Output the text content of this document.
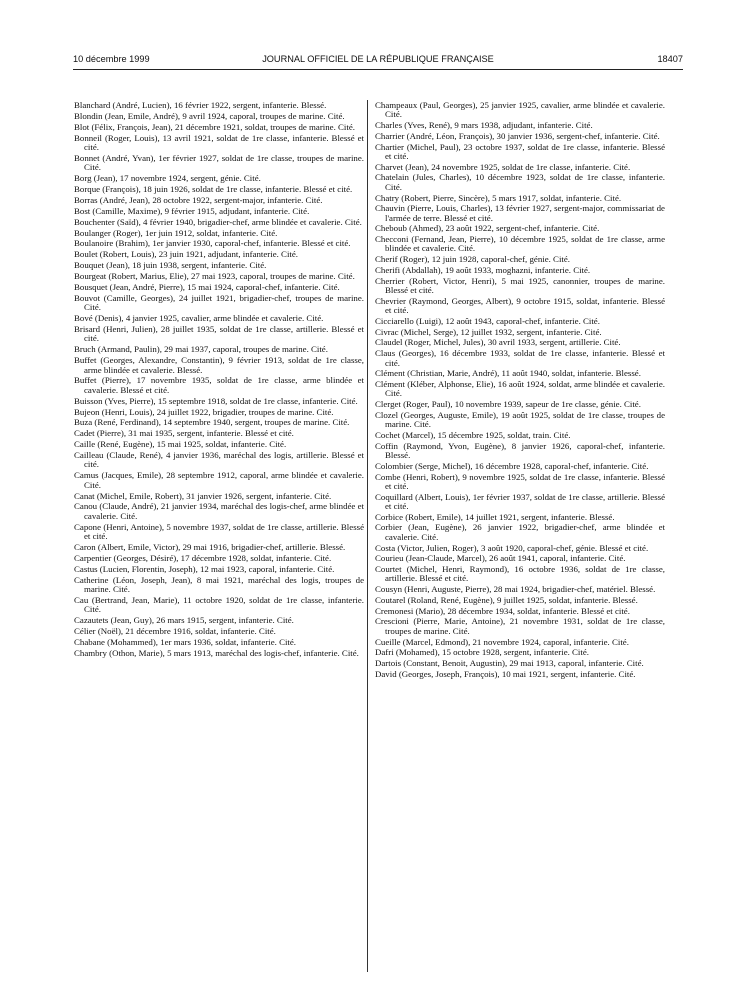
10 décembre 1999	JOURNAL OFFICIEL DE LA RÉPUBLIQUE FRANÇAISE	18407

Blanchard (André, Lucien), 16 février 1922, sergent, infanterie. Blessé.

Blondin (Jean, Emile, André), 9 avril 1924, caporal, troupes de marine. Cité.

Blot (Félix, François, Jean), 21 décembre 1921, soldat, troupes de marine. Cité.

Bonneil (Roger, Louis), 13 avril 1921, soldat de 1re classe, infanterie. Blessé et cité.

Bonnet (André, Yvan), 1er février 1927, soldat de 1re classe, troupes de marine. Cité.

Borg (Jean), 17 novembre 1924, sergent, génie. Cité.

Borque (François), 18 juin 1926, soldat de 1re classe, infanterie. Blessé et cité.

Borras (André, Jean), 28 octobre 1922, sergent-major, infanterie. Cité.

Bost (Camille, Maxime), 9 février 1915, adjudant, infanterie. Cité.

Bouchenter (Saïd), 4 février 1940, brigadier-chef, arme blindée et cavalerie. Cité.

Boulanger (Roger), 1er juin 1912, soldat, infanterie. Cité.

Boulanoire (Brahim), 1er janvier 1930, caporal-chef, infanterie. Blessé et cité.

Boulet (Robert, Louis), 23 juin 1921, adjudant, infanterie. Cité.

Bouquet (Jean), 18 juin 1938, sergent, infanterie. Cité.

Bourgeat (Robert, Marius, Elie), 27 mai 1923, caporal, troupes de marine. Cité.

Bousquet (Jean, André, Pierre), 15 mai 1924, caporal-chef, infanterie. Cité.

Bouvot (Camille, Georges), 24 juillet 1921, brigadier-chef, troupes de marine. Cité.

Bové (Denis), 4 janvier 1925, cavalier, arme blindée et cavalerie. Cité.

Brisard (Henri, Julien), 28 juillet 1935, soldat de 1re classe, artillerie. Blessé et cité.

Bruch (Armand, Paulin), 29 mai 1937, caporal, troupes de marine. Cité.

Buffet (Georges, Alexandre, Constantin), 9 février 1913, soldat de 1re classe, arme blindée et cavalerie. Blessé.

Buffet (Pierre), 17 novembre 1935, soldat de 1re classe, arme blindée et cavalerie. Blessé et cité.

Buisson (Yves, Pierre), 15 septembre 1918, soldat de 1re classe, infanterie. Cité.

Bujeon (Henri, Louis), 24 juillet 1922, brigadier, troupes de marine. Cité.

Buza (René, Ferdinand), 14 septembre 1940, sergent, troupes de marine. Cité.

Cadet (Pierre), 31 mai 1935, sergent, infanterie. Blessé et cité.

Caille (René, Eugène), 15 mai 1925, soldat, infanterie. Cité.

Cailleau (Claude, René), 4 janvier 1936, maréchal des logis, artillerie. Blessé et cité.

Camus (Jacques, Emile), 28 septembre 1912, caporal, arme blindée et cavalerie. Cité.

Canat (Michel, Emile, Robert), 31 janvier 1926, sergent, infanterie. Cité.

Canou (Claude, André), 21 janvier 1934, maréchal des logis-chef, arme blindée et cavalerie. Cité.

Capone (Henri, Antoine), 5 novembre 1937, soldat de 1re classe, artillerie. Blessé et cité.

Caron (Albert, Emile, Victor), 29 mai 1916, brigadier-chef, artillerie. Blessé.

Carpentier (Georges, Désiré), 17 décembre 1928, soldat, infanterie. Cité.

Castus (Lucien, Florentin, Joseph), 12 mai 1923, caporal, infanterie. Cité.

Catherine (Léon, Joseph, Jean), 8 mai 1921, maréchal des logis, troupes de marine. Cité.

Cau (Bertrand, Jean, Marie), 11 octobre 1920, soldat de 1re classe, infanterie. Cité.

Cazautets (Jean, Guy), 26 mars 1915, sergent, infanterie. Cité.

Célier (Noël), 21 décembre 1916, soldat, infanterie. Cité.

Chabane (Mohammed), 1er mars 1936, soldat, infanterie. Cité.

Chambry (Othon, Marie), 5 mars 1913, maréchal des logis-chef, infanterie. Cité.

Champeaux (Paul, Georges), 25 janvier 1925, cavalier, arme blindée et cavalerie. Cité.

Charles (Yves, René), 9 mars 1938, adjudant, infanterie. Cité.

Charrier (André, Léon, François), 30 janvier 1936, sergent-chef, infanterie. Cité.

Chartier (Michel, Paul), 23 octobre 1937, soldat de 1re classe, infanterie. Blessé et cité.

Charvet (Jean), 24 novembre 1925, soldat de 1re classe, infanterie. Cité.

Chatelain (Jules, Charles), 10 décembre 1923, soldat de 1re classe, infanterie. Cité.

Chatry (Robert, Pierre, Sincère), 5 mars 1917, soldat, infanterie. Cité.

Chauvin (Pierre, Louis, Charles), 13 février 1927, sergent-major, commissariat de l'armée de terre. Blessé et cité.

Cheboub (Ahmed), 23 août 1922, sergent-chef, infanterie. Cité.

Checconi (Fernand, Jean, Pierre), 10 décembre 1925, soldat de 1re classe, arme blindée et cavalerie. Cité.

Cherif (Roger), 12 juin 1928, caporal-chef, génie. Cité.

Cherifi (Abdallah), 19 août 1933, moghazni, infanterie. Cité.

Cherrier (Robert, Victor, Henri), 5 mai 1925, canonnier, troupes de marine. Blessé et cité.

Chevrier (Raymond, Georges, Albert), 9 octobre 1915, soldat, infanterie. Blessé et cité.

Cicciarello (Luigi), 12 août 1943, caporal-chef, infanterie. Cité.

Civrac (Michel, Serge), 12 juillet 1932, sergent, infanterie. Cité.

Claudel (Roger, Michel, Jules), 30 avril 1933, sergent, artillerie. Cité.

Claus (Georges), 16 décembre 1933, soldat de 1re classe, infanterie. Blessé et cité.

Clément (Christian, Marie, André), 11 août 1940, soldat, infanterie. Blessé.

Clément (Kléber, Alphonse, Elie), 16 août 1924, soldat, arme blindée et cavalerie. Cité.

Clerget (Roger, Paul), 10 novembre 1939, sapeur de 1re classe, génie. Cité.

Clozel (Georges, Auguste, Emile), 19 août 1925, soldat de 1re classe, troupes de marine. Cité.

Cochet (Marcel), 15 décembre 1925, soldat, train. Cité.

Coffin (Raymond, Yvon, Eugène), 8 janvier 1926, caporal-chef, infanterie. Blessé.

Colombier (Serge, Michel), 16 décembre 1928, caporal-chef, infanterie. Cité.

Combe (Henri, Robert), 9 novembre 1925, soldat de 1re classe, infanterie. Blessé et cité.

Coquillard (Albert, Louis), 1er février 1937, soldat de 1re classe, artillerie. Blessé et cité.

Corbice (Robert, Emile), 14 juillet 1921, sergent, infanterie. Blessé.

Corbier (Jean, Eugène), 26 janvier 1922, brigadier-chef, arme blindée et cavalerie. Cité.

Costa (Victor, Julien, Roger), 3 août 1920, caporal-chef, génie. Blessé et cité.

Courieu (Jean-Claude, Marcel), 26 août 1941, caporal, infanterie. Cité.

Courtet (Michel, Henri, Raymond), 16 octobre 1936, soldat de 1re classe, artillerie. Blessé et cité.

Cousyn (Henri, Auguste, Pierre), 28 mai 1924, brigadier-chef, matériel. Blessé.

Coutarel (Roland, René, Eugène), 9 juillet 1925, soldat, infanterie. Blessé.

Cremonesi (Mario), 28 décembre 1934, soldat, infanterie. Blessé et cité.

Crescioni (Pierre, Marie, Antoine), 21 novembre 1931, soldat de 1re classe, troupes de marine. Cité.

Cueille (Marcel, Edmond), 21 novembre 1924, caporal, infanterie. Cité.

Dafri (Mohamed), 15 octobre 1928, sergent, infanterie. Cité.

Dartois (Constant, Benoit, Augustin), 29 mai 1913, caporal, infanterie. Cité.

David (Georges, Joseph, François), 10 mai 1921, sergent, infanterie. Cité.
